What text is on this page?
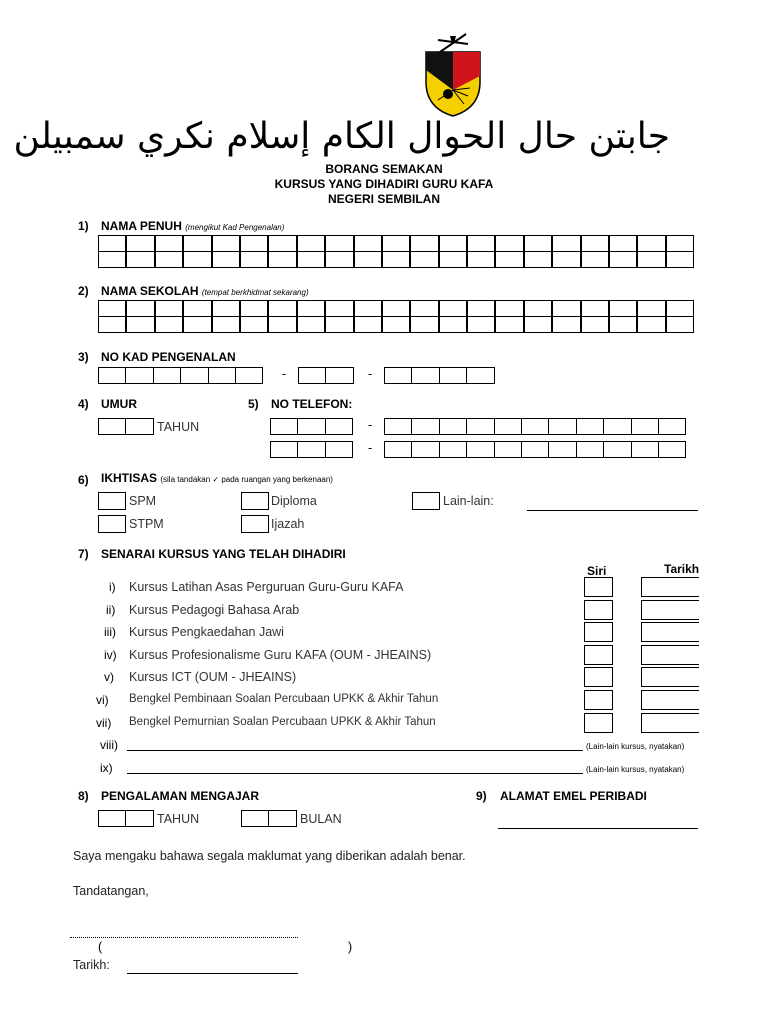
جابتن حال الحوال الكام إسلام نكري سمبيلن
BORANG SEMAKAN
KURSUS YANG DIHADIRI GURU KAFA
NEGERI SEMBILAN
1) NAMA PENUH (mengikut Kad Pengenalan)
2) NAMA SEKOLAH (tempat berkhidmat sekarang)
3) NO KAD PENGENALAN
-	-
4) UMUR
TAHUN
5) NO TELEFON:
-
-
6) IKHTISAS (sila tandakan ✓ pada ruangan yang berkenaan)
SPM
STPM
Diploma
Ijazah
Lain-lain:
7) SENARAI KURSUS YANG TELAH DIHADIRI
Siri	Tarikh
i) Kursus Latihan Asas Perguruan Guru-Guru KAFA
ii) Kursus Pedagogi Bahasa Arab
iii) Kursus Pengkaedahan Jawi
iv) Kursus Profesionalisme Guru KAFA (OUM - JHEAINS)
v) Kursus ICT (OUM - JHEAINS)
vi) Bengkel Pembinaan Soalan Percubaan UPKK & Akhir Tahun
vii) Bengkel Pemurnian Soalan Percubaan UPKK & Akhir Tahun
viii)	(Lain-lain kursus, nyatakan)
ix)	(Lain-lain kursus, nyatakan)
8) PENGALAMAN MENGAJAR
TAHUN	BULAN
9) ALAMAT EMEL PERIBADI
Saya mengaku bahawa segala maklumat yang diberikan adalah benar.
Tandatangan,
(	)
Tarikh:
